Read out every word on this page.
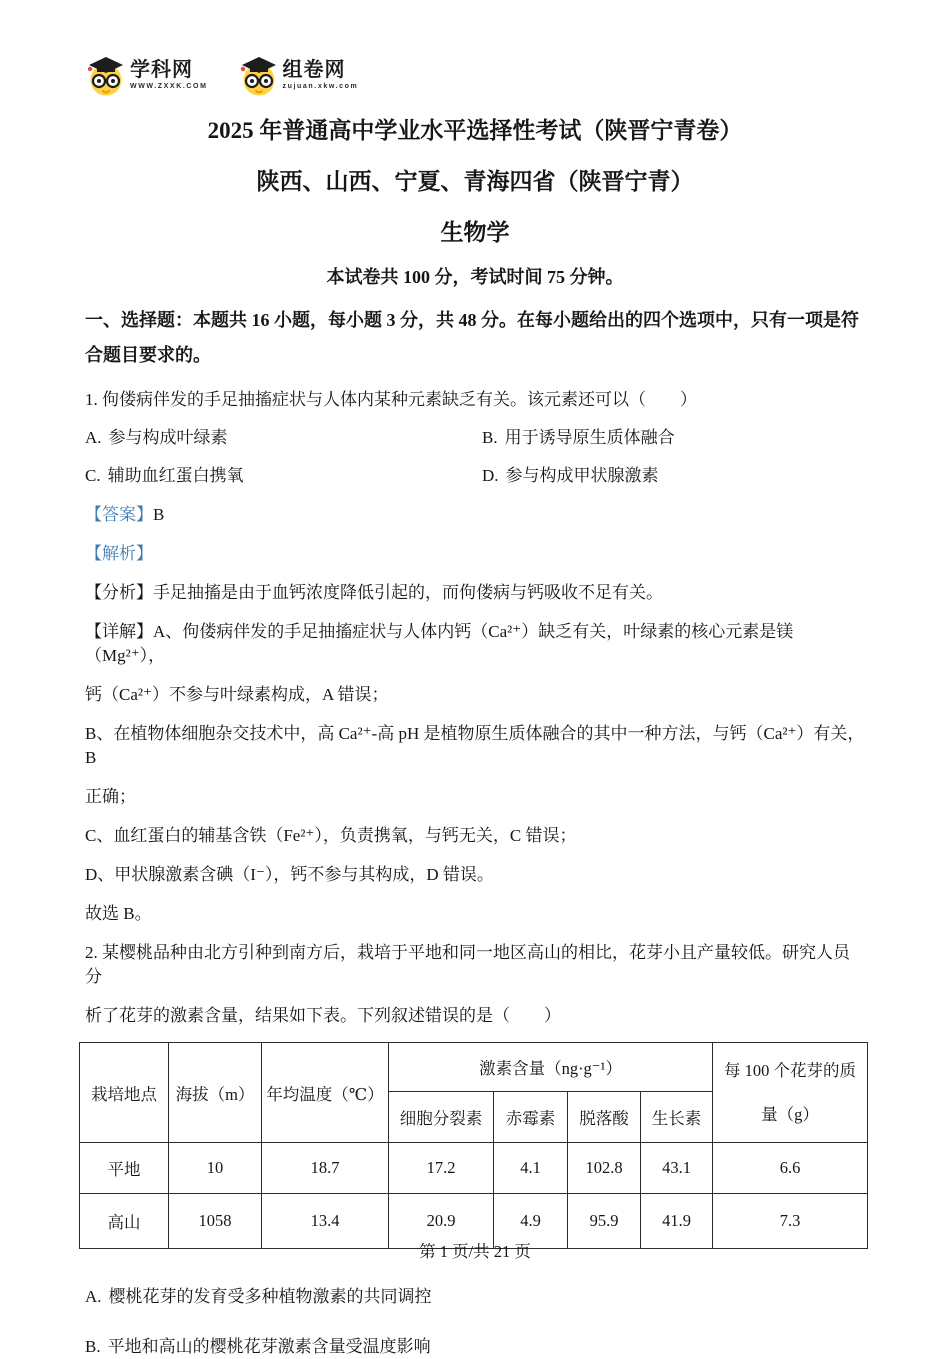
学科网
WWW.ZXXK.COM
组卷网
zujuan.xkw.com
2025 年普通高中学业水平选择性考试（陕晋宁青卷）
陕西、山西、宁夏、青海四省（陕晋宁青）
生物学

本试卷共 100 分，考试时间 75 分钟。

一、选择题：本题共 16 小题，每小题 3 分，共 48 分。在每小题给出的四个选项中，只有一项是符合题目要求的。

1. 佝偻病伴发的手足抽搐症状与人体内某种元素缺乏有关。该元素还可以（　　）

A. 参与构成叶绿素	B. 用于诱导原生质体融合
C. 辅助血红蛋白携氧	D. 参与构成甲状腺激素

【答案】B

【解析】

【分析】手足抽搐是由于血钙浓度降低引起的，而佝偻病与钙吸收不足有关。

【详解】A、佝偻病伴发的手足抽搐症状与人体内钙（Ca²⁺）缺乏有关，叶绿素的核心元素是镁（Mg²⁺），

钙（Ca²⁺）不参与叶绿素构成，A 错误；

B、在植物体细胞杂交技术中，高 Ca²⁺-高 pH 是植物原生质体融合的其中一种方法，与钙（Ca²⁺）有关，B

正确；

C、血红蛋白的辅基含铁（Fe²⁺），负责携氧，与钙无关，C 错误；

D、甲状腺激素含碘（I⁻），钙不参与其构成，D 错误。

故选 B。

2. 某樱桃品种由北方引种到南方后，栽培于平地和同一地区高山的相比，花芽小且产量较低。研究人员分

析了花芽的激素含量，结果如下表。下列叙述错误的是（　　）

栽培地点	海拔（m）	年均温度（℃）	激素含量（ng·g⁻¹）				每 100 个花芽的质量（g）
			细胞分裂素	赤霉素	脱落酸	生长素	
平地	10	18.7	17.2	4.1	102.8	43.1	6.6
高山	1058	13.4	20.9	4.9	95.9	41.9	7.3

A. 樱桃花芽的发育受多种植物激素的共同调控

B. 平地和高山的樱桃花芽激素含量受温度影响

第 1 页/共 21 页
